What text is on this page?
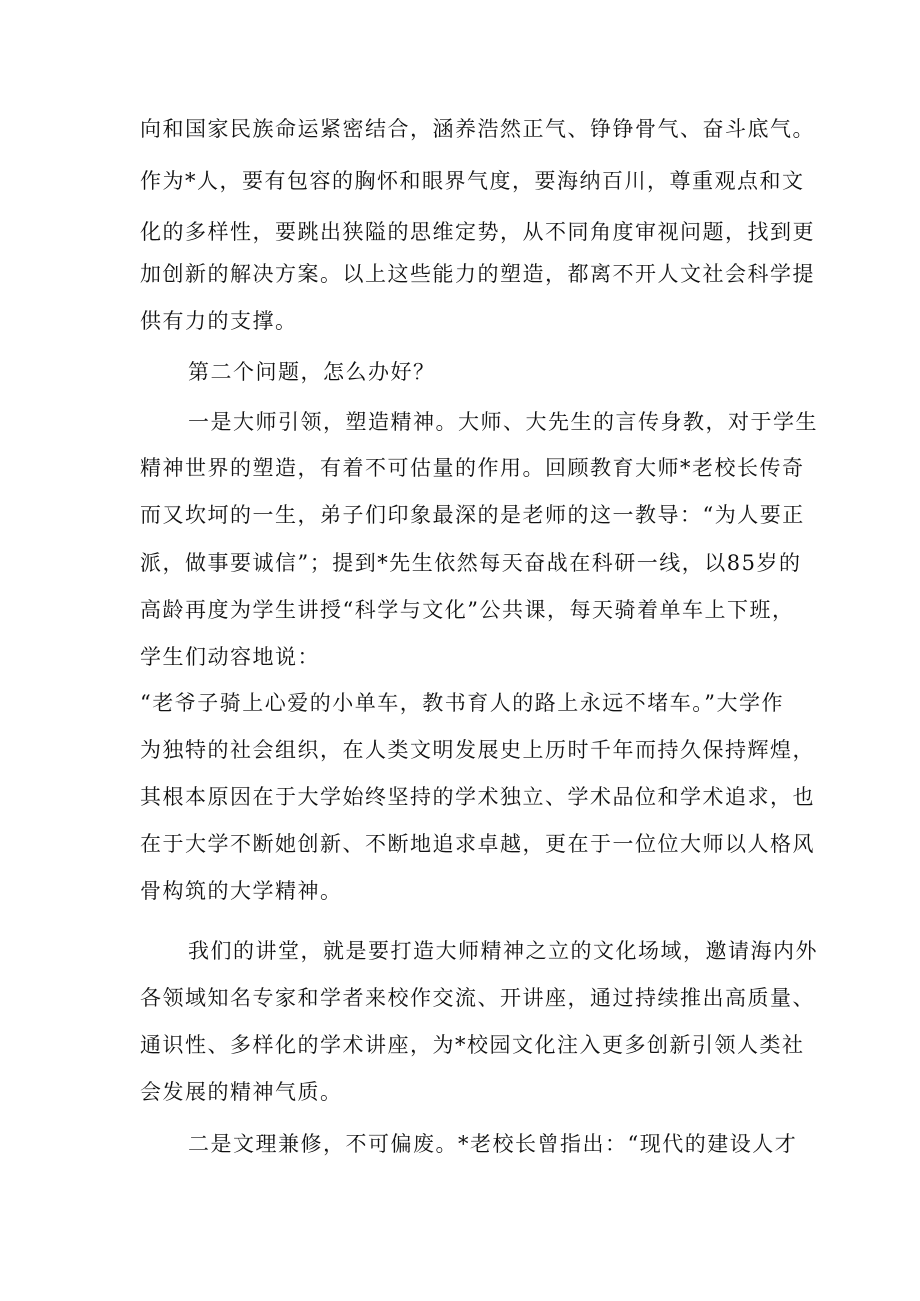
向和国家民族命运紧密结合，涵养浩然正气、铮铮骨气、奋斗底气。
作为*人，要有包容的胸怀和眼界气度，要海纳百川，尊重观点和文
化的多样性，要跳出狭隘的思维定势，从不同角度审视问题，找到更
加创新的解决方案。以上这些能力的塑造，都离不开人文社会科学提
供有力的支撑。
第二个问题，怎么办好？
一是大师引领，塑造精神。大师、大先生的言传身教，对于学生
精神世界的塑造，有着不可估量的作用。回顾教育大师*老校长传奇
而又坎坷的一生，弟子们印象最深的是老师的这一教导：“为人要正
派，做事要诚信”；提到*先生依然每天奋战在科研一线，以85岁的
高龄再度为学生讲授“科学与文化”公共课，每天骑着单车上下班，
学生们动容地说：
“老爷子骑上心爱的小单车，教书育人的路上永远不堵车。”大学作
为独特的社会组织，在人类文明发展史上历时千年而持久保持辉煌，
其根本原因在于大学始终坚持的学术独立、学术品位和学术追求，也
在于大学不断她创新、不断地追求卓越，更在于一位位大师以人格风
骨构筑的大学精神。
我们的讲堂，就是要打造大师精神之立的文化场域，邀请海内外
各领域知名专家和学者来校作交流、开讲座，通过持续推出高质量、
通识性、多样化的学术讲座，为*校园文化注入更多创新引领人类社
会发展的精神气质。
二是文理兼修，不可偏废。*老校长曾指出：“现代的建设人才
